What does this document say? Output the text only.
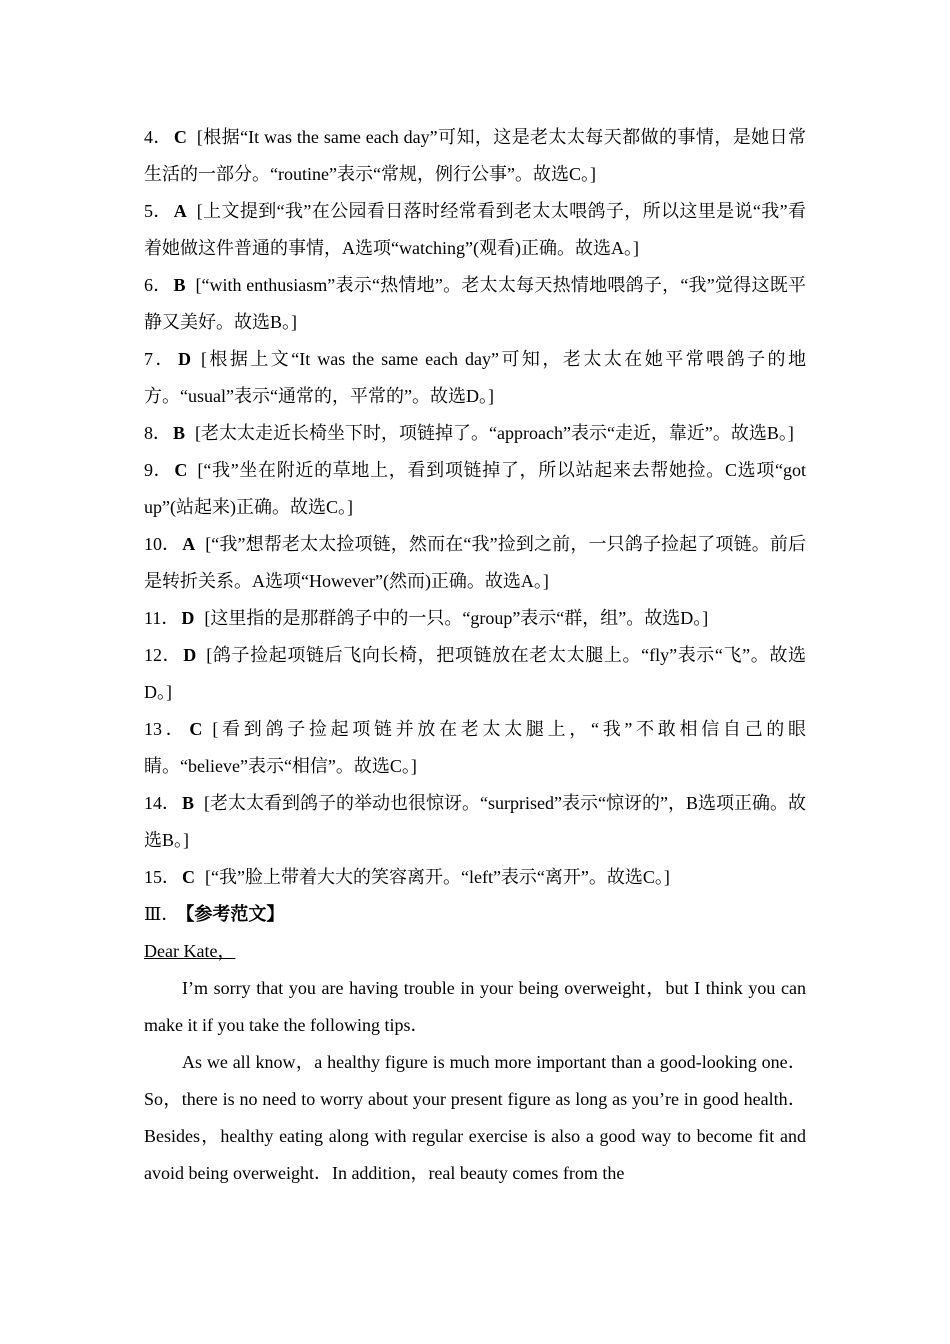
4． C [根据“It was the same each day”可知，这是老太太每天都做的事情，是她日常生活的一部分。“routine”表示“常规，例行公事”。故选C。]

5． A [上文提到“我”在公园看日落时经常看到老太太喂鸽子，所以这里是说“我”看着她做这件普通的事情，A选项“watching”(观看)正确。故选A。]

6． B [“with enthusiasm”表示“热情地”。老太太每天热情地喂鸽子，“我”觉得这既平静又美好。故选B。]

7． D [根据上文“It was the same each day”可知，老太太在她平常喂鸽子的地方。“usual”表示“通常的，平常的”。故选D。]

8． B [老太太走近长椅坐下时，项链掉了。“approach”表示“走近，靠近”。故选B。]

9． C [“我”坐在附近的草地上，看到项链掉了，所以站起来去帮她捡。C选项“got up”(站起来)正确。故选C。]

10． A [“我”想帮老太太捡项链，然而在“我”捡到之前，一只鸽子捡起了项链。前后是转折关系。A选项“However”(然而)正确。故选A。]

11． D [这里指的是那群鸽子中的一只。“group”表示“群，组”。故选D。]

12． D [鸽子捡起项链后飞向长椅，把项链放在老太太腿上。“fly”表示“飞”。故选D。]

13． C [看到鸽子捡起项链并放在老太太腿上，“我”不敢相信自己的眼睛。“believe”表示“相信”。故选C。]

14． B [老太太看到鸽子的举动也很惊讶。“surprised”表示“惊讶的”，B选项正确。故选B。]

15． C [“我”脸上带着大大的笑容离开。“left”表示“离开”。故选C。]

Ⅲ． 【参考范文】

Dear Kate，

I’m sorry that you are having trouble in your being overweight，but I think you can make it if you take the following tips．

As we all know，a healthy figure is much more important than a good-looking one．So，there is no need to worry about your present figure as long as you’re in good health．Besides，healthy eating along with regular exercise is also a good way to become fit and avoid being overweight．In addition，real beauty comes from the
